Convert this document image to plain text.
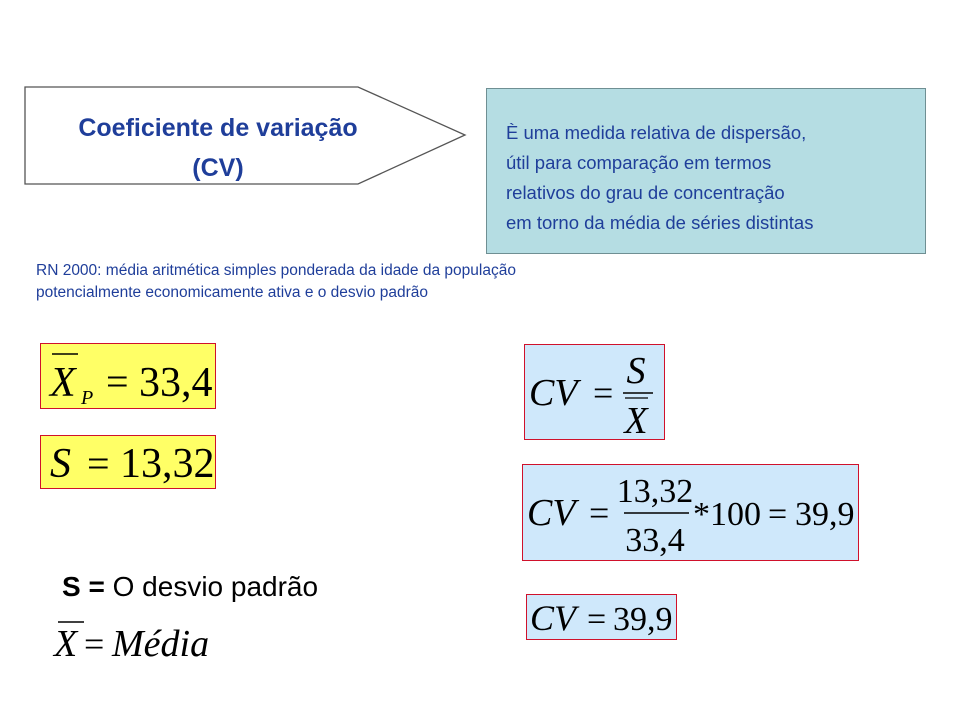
Coeficiente de variação
(CV)
È uma medida relativa de dispersão,
útil para comparação em termos
relativos do grau de concentração
em torno da média de séries distintas
RN 2000: média aritmética simples ponderada da idade da população
potencialmente economicamente ativa e o desvio padrão
X P = 33,4
S = 13,32
CV =
S
X
CV =
13,32
33,4
*100 = 39,9
CV = 39,9
S = O desvio padrão
X = Média
